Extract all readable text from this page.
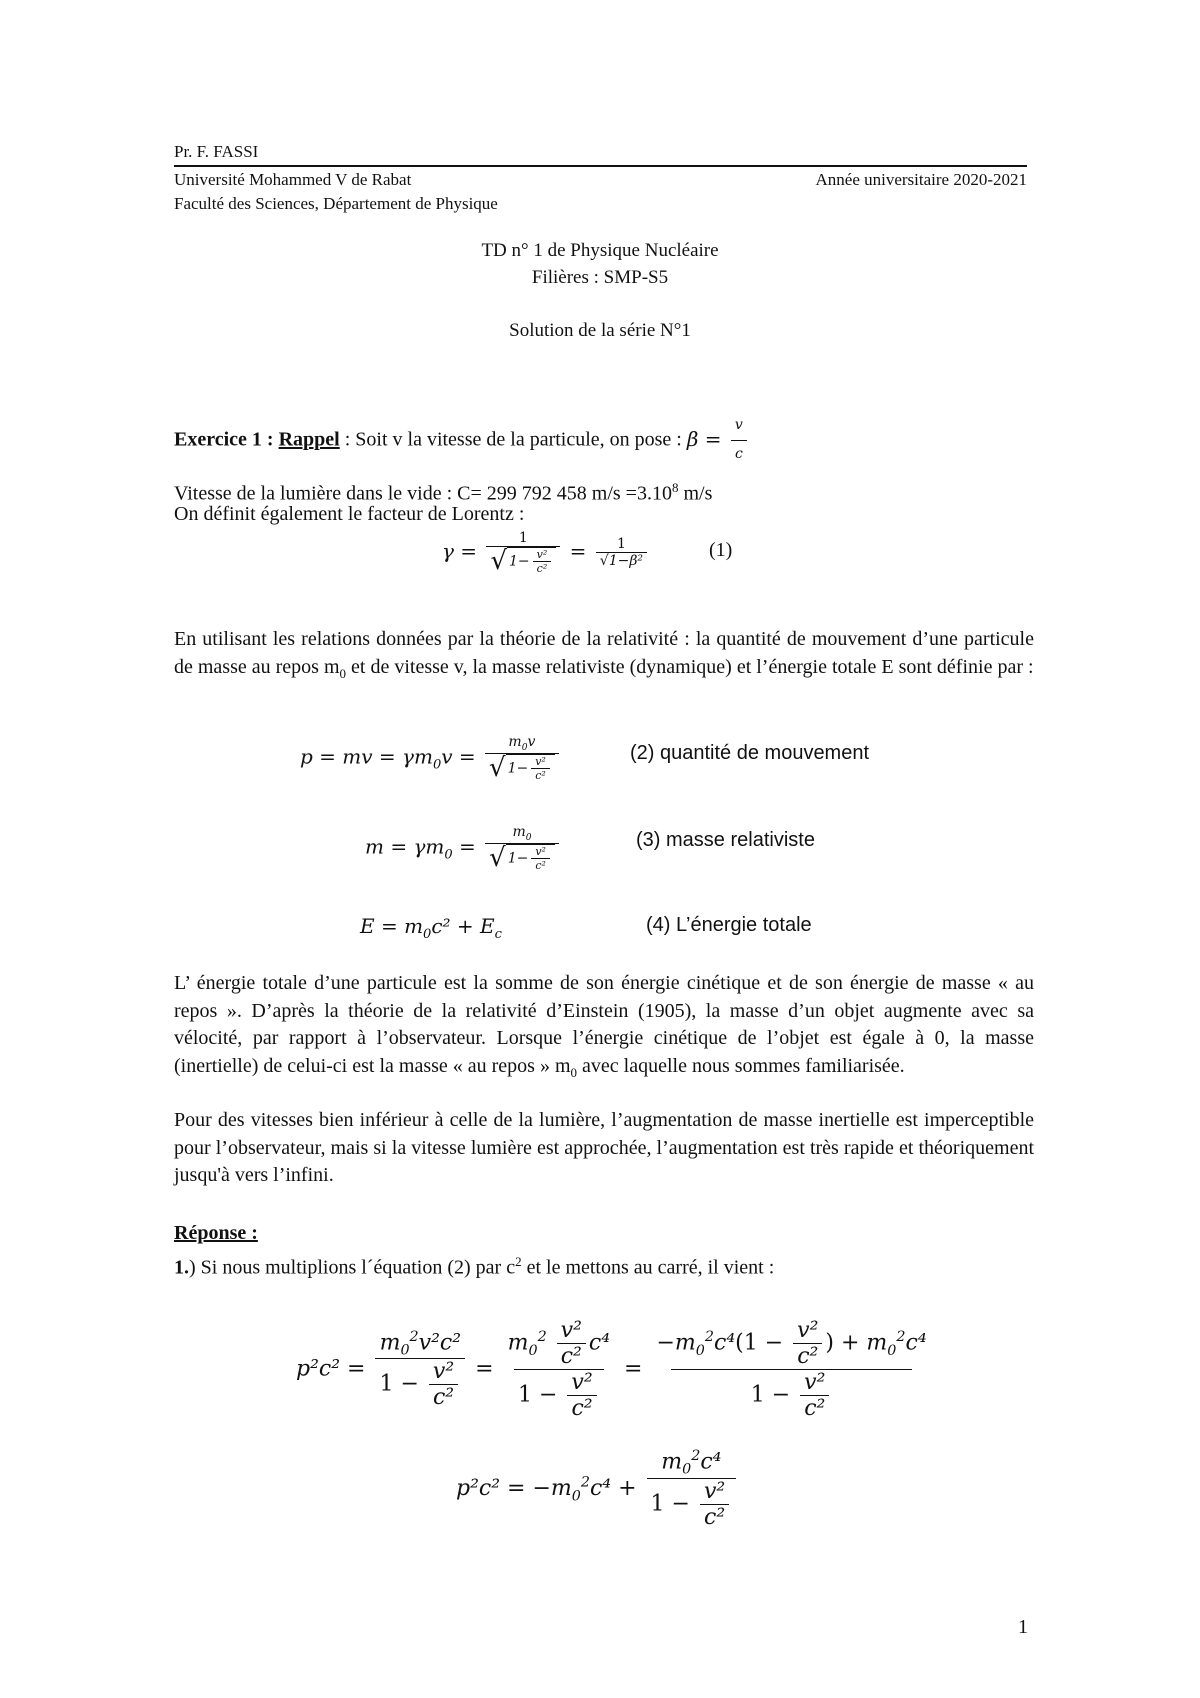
Pr. F. FASSI
Université Mohammed V de Rabat	Année universitaire 2020-2021
Faculté des Sciences, Département de Physique
TD n° 1 de Physique Nucléaire
Filières : SMP-S5
Solution de la série N°1
Exercice 1 : Rappel : Soit v la vitesse de la particule, on pose : $\beta = \frac{v}{c}$
Vitesse de la lumière dans le vide : C= 299 792 458 $m/s =3.10^8$ m/s
On définit également le facteur de Lorentz :
$\gamma = \frac{1}{√ 1- \frac{\text{v²}}{\text{c²}}} = \frac{1}{\text{√1−β²}}$	(1)
En utilisant les relations données par la théorie de la relativité : la quantité de mouvement d’une particule de masse au repos $m_0$ et de vitesse v, la masse relativiste (dynamique) et l’énergie totale E sont définie par :
p = mv = $\gamma m_0v = \frac{m_0v}{√ 1- \frac{\text{v²}}{\text{c²}}}$	(2) quantité de mouvement
$m = \gamma m_0 = \frac{m_0}{√ 1- \frac{\text{v²}}{\text{c²}}}$	(3) masse relativiste
$E = m_0c^2 + E_c$	(4) L’énergie totale
L’ énergie totale d’une particule est la somme de son énergie cinétique et de son énergie de masse « au repos ». D’après la théorie de la relativité d’Einstein (1905), la masse d’un objet augmente avec sa vélocité, par rapport à l’observateur. Lorsque l’énergie cinétique de l’objet est égale à 0, la masse (inertielle) de celui-ci est la masse « au repos » $m_0$ avec laquelle nous sommes familiarisée.
Pour des vitesses bien inférieur à celle de la lumière, l’augmentation de masse inertielle est imperceptible pour l’observateur, mais si la vitesse lumière est approchée, l’augmentation est très rapide et théoriquement jusqu'à vers l’infini.
Réponse :
1.) Si nous multiplions l´équation (2) par $c^2$ et le mettons au carré, il vient :
$p^2c^2 = \frac{m_0^2v^2c^2}{1 - \frac{\text{v²}}{\text{c²}}} = \frac{m_0^2 \frac{\text{v²}}{\text{c²}} c^4}{1 - \frac{\text{v²}}{\text{c²}}} = \frac{-m_0^2c^4(1 - \frac{\text{v²}}{\text{c²}} ) + m_0^2c^4}{1 - \frac{\text{v²}}{\text{c²}}}$
$p^2c^2 = -m_0^2c^4 + \frac{m_0^2c^4}{1 - \frac{\text{v²}}{\text{c²}}}$
1
